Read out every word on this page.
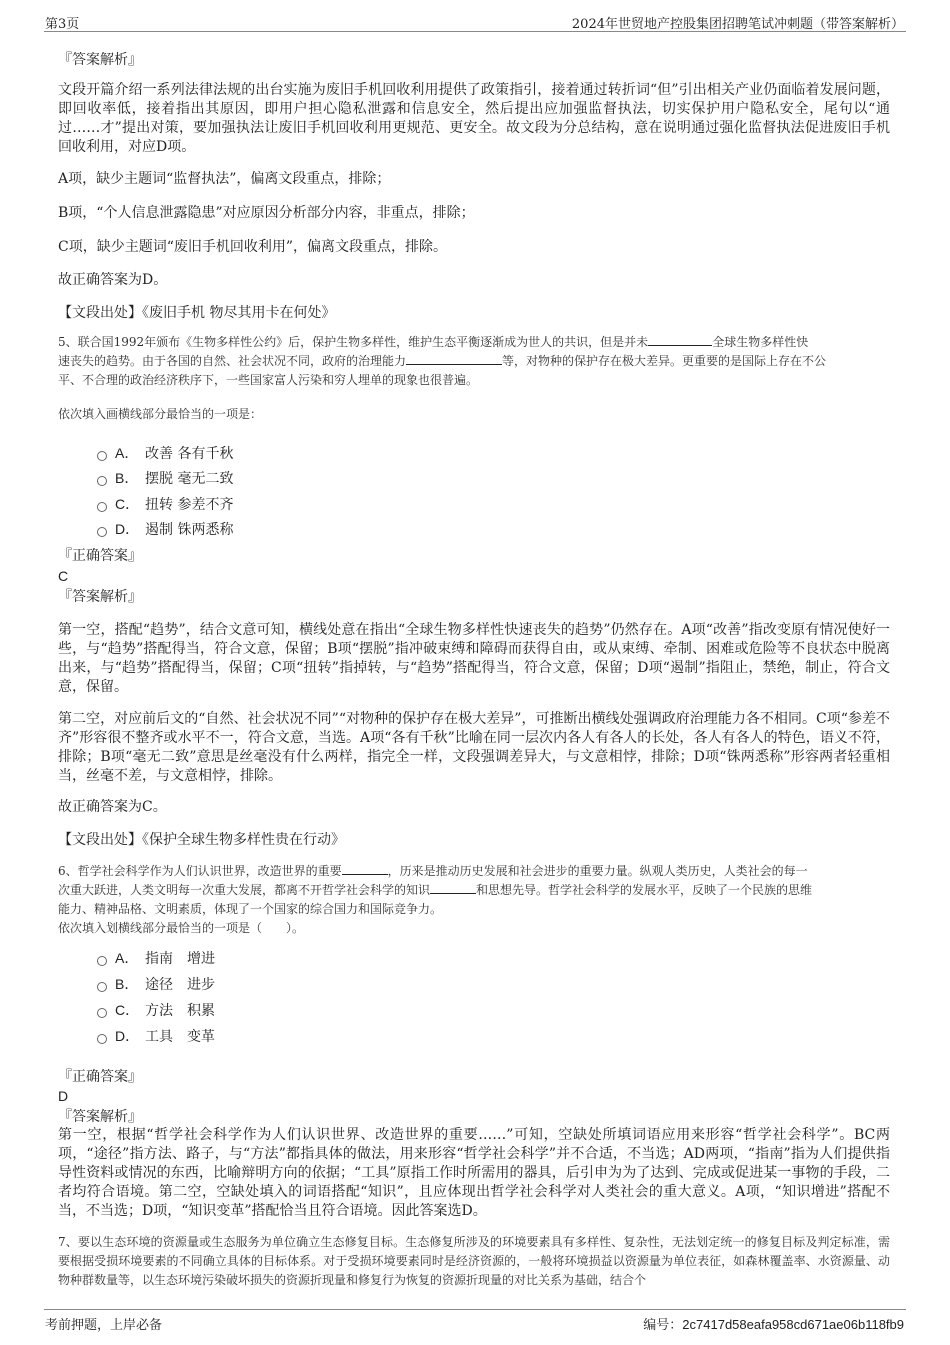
第3页	2024年世贸地产控股集团招聘笔试冲刺题（带答案解析）
『答案解析』
文段开篇介绍一系列法律法规的出台实施为废旧手机回收利用提供了政策指引，接着通过转折词“但”引出相关产业仍面临着发展问题，即回收率低，接着指出其原因，即用户担心隐私泄露和信息安全，然后提出应加强监督执法，切实保护用户隐私安全，尾句以“通过……才”提出对策，要加强执法让废旧手机回收利用更规范、更安全。故文段为分总结构，意在说明通过强化监督执法促进废旧手机回收利用，对应D项。
A项，缺少主题词“监督执法”，偏离文段重点，排除；
B项，“个人信息泄露隐患”对应原因分析部分内容，非重点，排除；
C项，缺少主题词“废旧手机回收利用”，偏离文段重点，排除。
故正确答案为D。
【文段出处】《废旧手机 物尽其用卡在何处》
5、联合国1992年颁布《生物多样性公约》后，保护生物多样性，维护生态平衡逐渐成为世人的共识，但是并未	全球生物多样性快
速丧失的趋势。由于各国的自然、社会状况不同，政府的治理能力	等，对物种的保护存在极大差异。更重要的是国际上存在不公
平、不合理的政治经济秩序下，一些国家富人污染和穷人埋单的现象也很普遍。
依次填入画横线部分最恰当的一项是：
A． 改善 各有千秋
B． 摆脱 毫无二致
C． 扭转 参差不齐
D． 遏制 铢两悉称
『正确答案』
C
『答案解析』
第一空，搭配“趋势”，结合文意可知，横线处意在指出“全球生物多样性快速丧失的趋势”仍然存在。A项“改善”指改变原有情况使好一些，与“趋势”搭配得当，符合文意，保留；B项“摆脱”指冲破束缚和障碍而获得自由，或从束缚、牵制、困难或危险等不良状态中脱离出来，与“趋势”搭配得当，保留；C项“扭转”指掉转，与“趋势”搭配得当，符合文意，保留；D项“遏制”指阻止，禁绝，制止，符合文意，保留。
第二空，对应前后文的“自然、社会状况不同”“对物种的保护存在极大差异”，可推断出横线处强调政府治理能力各不相同。C项“参差不齐”形容很不整齐或水平不一，符合文意，当选。A项“各有千秋”比喻在同一层次内各人有各人的长处，各人有各人的特色，语义不符，排除；B项“毫无二致”意思是丝毫没有什么两样，指完全一样，文段强调差异大，与文意相悖，排除；D项“铢两悉称”形容两者轻重相当，丝毫不差，与文意相悖，排除。
故正确答案为C。
【文段出处】《保护全球生物多样性贵在行动》
6、哲学社会科学作为人们认识世界，改造世界的重要	，历来是推动历史发展和社会进步的重要力量。纵观人类历史，人类社会的每一
次重大跃进，人类文明每一次重大发展，都离不开哲学社会科学的知识	和思想先导。哲学社会科学的发展水平，反映了一个民族的思维
能力、精神品格、文明素质，体现了一个国家的综合国力和国际竞争力。
依次填入划横线部分最恰当的一项是（　　）。
A． 指南　增进
B． 途径　进步
C． 方法　积累
D． 工具　变革
『正确答案』
D
『答案解析』
第一空，根据“哲学社会科学作为人们认识世界、改造世界的重要……”可知，空缺处所填词语应用来形容“哲学社会科学”。BC两项，“途径”指方法、路子，与“方法”都指具体的做法，用来形容“哲学社会科学”并不合适，不当选；AD两项，“指南”指为人们提供指导性资料或情况的东西，比喻辩明方向的依据；“工具”原指工作时所需用的器具，后引申为为了达到、完成或促进某一事物的手段，二者均符合语境。第二空，空缺处填入的词语搭配“知识”，且应体现出哲学社会科学对人类社会的重大意义。A项，“知识增进”搭配不当，不当选；D项，“知识变革”搭配恰当且符合语境。因此答案选D。
7、要以生态环境的资源量或生态服务为单位确立生态修复目标。生态修复所涉及的环境要素具有多样性、复杂性，无法划定统一的修复目标及判定标准，需要根据受损环境要素的不同确立具体的目标体系。对于受损环境要素同时是经济资源的，一般将环境损益以资源量为单位表征，如森林覆盖率、水资源量、动物种群数量等，以生态环境污染破坏损失的资源折现量和修复行为恢复的资源折现量的对比关系为基础，结合个
考前押题，上岸必备	编号：2c7417d58eafa958cd671ae06b118fb9
